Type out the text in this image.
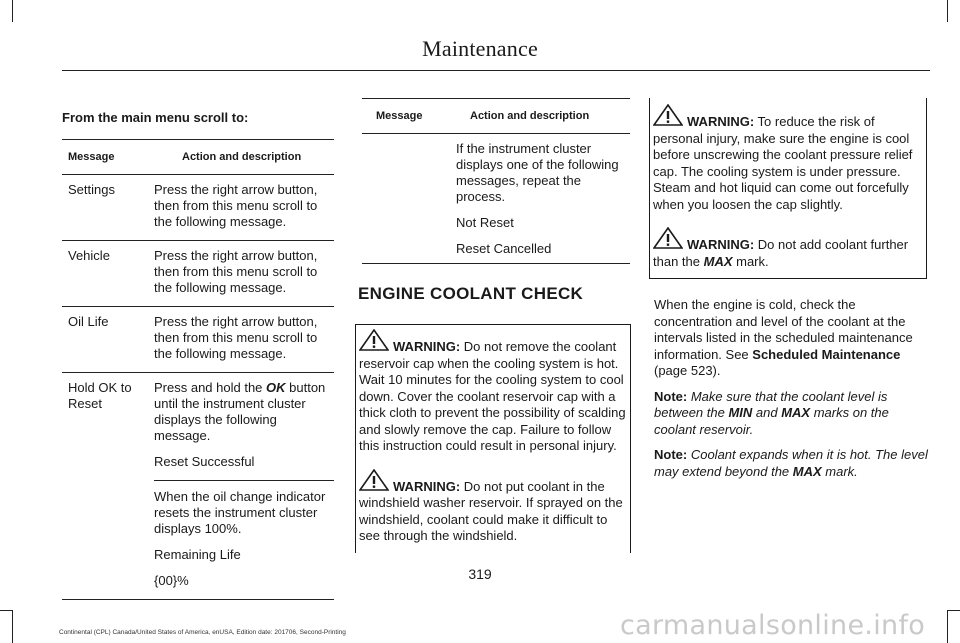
Maintenance
From the main menu scroll to:
Message	Action and description
Settings	Press the right arrow button, then from this menu scroll to the following message.
Vehicle	Press the right arrow button, then from this menu scroll to the following message.
Oil Life	Press the right arrow button, then from this menu scroll to the following message.
Hold OK to Reset	Press and hold the OK button until the instrument cluster displays the following message.
Reset Successful
When the oil change indicator resets the instrument cluster displays 100%.
Remaining Life
{00}%
Message	Action and description

	If the instrument cluster displays one of the following messages, repeat the process.
Not Reset
Reset Cancelled
ENGINE COOLANT CHECK
WARNING: Do not remove the coolant reservoir cap when the cooling system is hot. Wait 10 minutes for the cooling system to cool down. Cover the coolant reservoir cap with a thick cloth to prevent the possibility of scalding and slowly remove the cap. Failure to follow this instruction could result in personal injury.
WARNING: Do not put coolant in the windshield washer reservoir. If sprayed on the windshield, coolant could make it difficult to see through the windshield.
WARNING: To reduce the risk of personal injury, make sure the engine is cool before unscrewing the coolant pressure relief cap. The cooling system is under pressure. Steam and hot liquid can come out forcefully when you loosen the cap slightly.
WARNING: Do not add coolant further than the MAX mark.

When the engine is cold, check the concentration and level of the coolant at the intervals listed in the scheduled maintenance information. See Scheduled Maintenance (page 523).

Note: Make sure that the coolant level is between the MIN and MAX marks on the coolant reservoir.

Note: Coolant expands when it is hot. The level may extend beyond the MAX mark.

319
Continental (CPL) Canada/United States of America, enUSA, Edition date: 201706, Second-Printing	carmanualsonline.info
